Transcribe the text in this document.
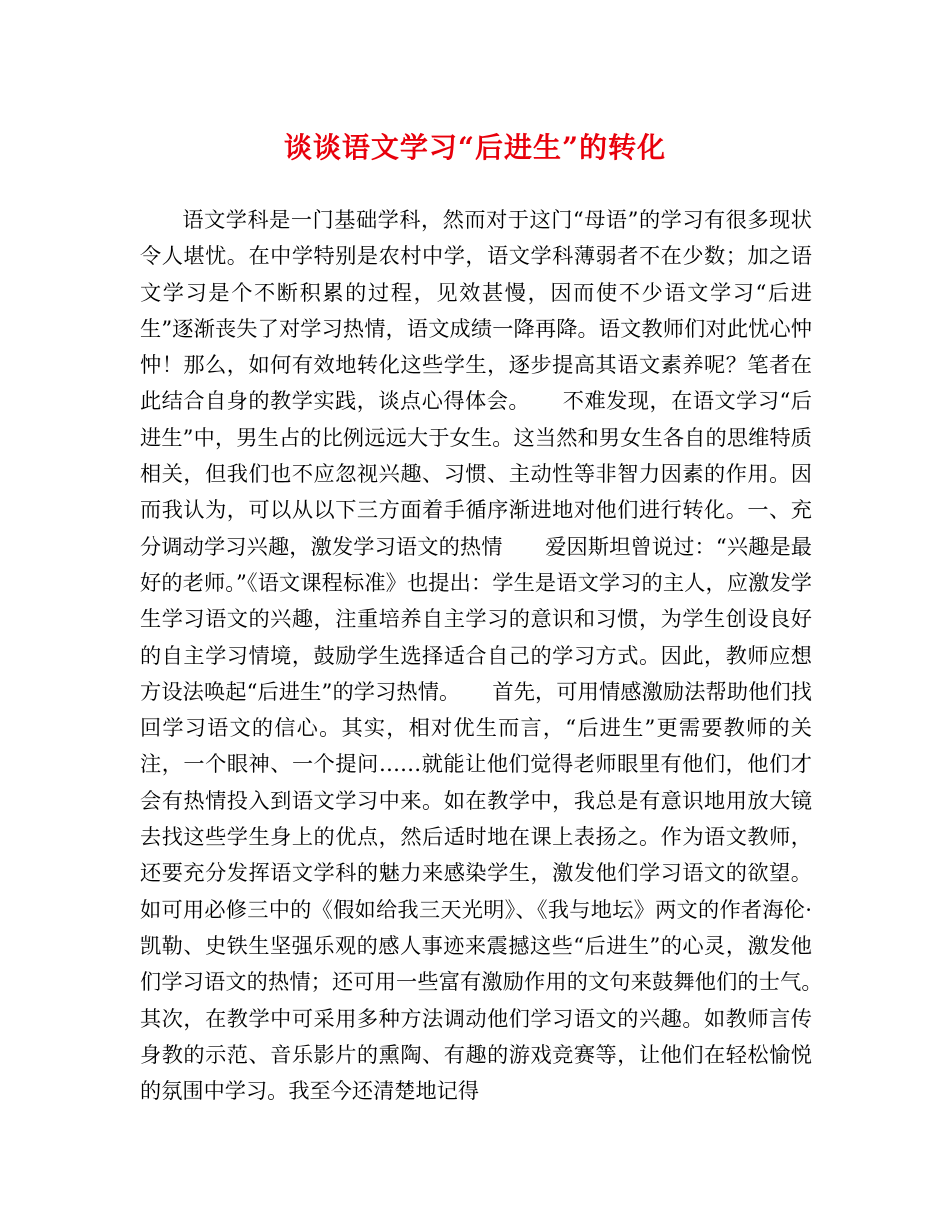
谈谈语文学习“后进生”的转化

语文学科是一门基础学科，然而对于这门“母语”的学习有很多现状令人堪忧。在中学特别是农村中学，语文学科薄弱者不在少数；加之语文学习是个不断积累的过程，见效甚慢，因而使不少语文学习“后进生”逐渐丧失了对学习热情，语文成绩一降再降。语文教师们对此忧心忡忡！那么，如何有效地转化这些学生，逐步提高其语文素养呢？笔者在此结合自身的教学实践，谈点心得体会。　　不难发现，在语文学习“后进生”中，男生占的比例远远大于女生。这当然和男女生各自的思维特质相关，但我们也不应忽视兴趣、习惯、主动性等非智力因素的作用。因而我认为，可以从以下三方面着手循序渐进地对他们进行转化。一、充分调动学习兴趣，激发学习语文的热情　　爱因斯坦曾说过：“兴趣是最好的老师。”《语文课程标准》也提出：学生是语文学习的主人，应激发学生学习语文的兴趣，注重培养自主学习的意识和习惯，为学生创设良好的自主学习情境，鼓励学生选择适合自己的学习方式。因此，教师应想方设法唤起“后进生”的学习热情。　　首先，可用情感激励法帮助他们找回学习语文的信心。其实，相对优生而言，“后进生”更需要教师的关注，一个眼神、一个提问……就能让他们觉得老师眼里有他们，他们才会有热情投入到语文学习中来。如在教学中，我总是有意识地用放大镜去找这些学生身上的优点，然后适时地在课上表扬之。作为语文教师，还要充分发挥语文学科的魅力来感染学生，激发他们学习语文的欲望。如可用必修三中的《假如给我三天光明》、《我与地坛》两文的作者海伦·凯勒、史铁生坚强乐观的感人事迹来震撼这些“后进生”的心灵，激发他们学习语文的热情；还可用一些富有激励作用的文句来鼓舞他们的士气。　　其次，在教学中可采用多种方法调动他们学习语文的兴趣。如教师言传身教的示范、音乐影片的熏陶、有趣的游戏竞赛等，让他们在轻松愉悦的氛围中学习。我至今还清楚地记得
